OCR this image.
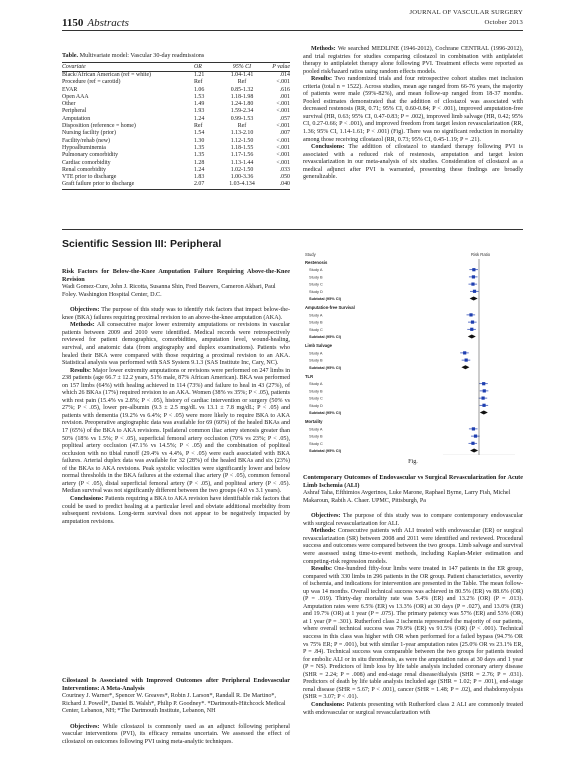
1150 Abstracts
JOURNAL OF VASCULAR SURGERY
October 2013
Table. Multivariate model: Vascular 30-day readmissions
Covariate	OR	95% CI	P value
Black/African American (ref = white)	1.21	1.04-1.41	.014
Procedure (ref = carotid)	Ref	Ref	<.001
EVAR	1.06	0.85-1.32	.616
Open AAA	1.53	1.18-1.98	.001
Other	1.49	1.24-1.80	<.001
Peripheral	1.93	1.59-2.34	<.001
Amputation	1.24	0.99-1.53	.057
Disposition (reference = home)	Ref	Ref	<.001
Nursing facility (prior)	1.54	1.13-2.10	.007
Facility/rehab (new)	1.30	1.12-1.50	<.001
Hypoalbuminemia	1.35	1.18-1.55	<.001
Pulmonary comorbidity	1.35	1.17-1.56	<.001
Cardiac comorbidity	1.28	1.13-1.44	<.001
Renal comorbidity	1.24	1.02-1.50	.033
VTE prior to discharge	1.83	1.00-3.36	.050
Graft failure prior to discharge	2.07	1.03-4.134	.040
Scientific Session III: Peripheral
Risk Factors for Below-the-Knee Amputation Failure Requiring Above-the-Knee Revision
Wadi Gomez-Cure, John J. Ricotta, Susanna Shin, Fred Beavers, Cameron Akbari, Paul Foley. Washington Hospital Center, D.C.

Objectives: The purpose of this study was to identify risk factors that impact below-the-knee (BKA) failures requiring proximal revision to an above-the-knee amputation (AKA).

Methods: All consecutive major lower extremity amputations or revisions in vascular patients between 2009 and 2010 were identified. Medical records were retrospectively reviewed for patient demographics, comorbidities, amputation level, wound-healing, survival, and anatomic data (from angiography and duplex examinations). Patients who healed their BKA were compared with those requiring a proximal revision to an AKA. Statistical analysis was performed with SAS System 9.1.3 (SAS Institute Inc, Cary, NC).

Results: Major lower extremity amputations or revisions were performed on 247 limbs in 238 patients (age 66.7 ± 12.2 years, 51% male, 87% African American). BKA was performed on 157 limbs (64%) with healing achieved in 114 (73%) and failure to heal in 43 (27%), of which 26 BKAs (17%) required revision to an AKA. Women (38% vs 35%; P < .05), patients with rest pain (15.4% vs 2.8%; P < .05), history of cardiac intervention or surgery (50% vs 27%; P < .05), lower pre-albumin (9.3 ± 2.5 mg/dL vs 13.1 ± 7.8 mg/dL; P < .05) and patients with dementia (19.2% vs 6.4%; P < .05) were more likely to require BKA to AKA revision. Preoperative angiographic data was available for 69 (60%) of the healed BKAs and 17 (65%) of the BKA to AKA revisions. Ipsilateral common iliac artery stenosis greater than 50% (18% vs 1.5%; P < .05), superficial femoral artery occlusion (70% vs 23%; P < .05), popliteal artery occlusion (47.1% vs 14.5%; P < .05) and the combination of popliteal occlusion with no tibial runoff (29.4% vs 4.4%, P < .05) were each associated with BKA failures. Arterial duplex data was available for 32 (28%) of the healed BKAs and six (23%) of the BKAs to AKA revisions. Peak systolic velocities were significantly lower and below normal thresholds in the BKA failures at the external iliac artery (P < .05), common femoral artery (P < .05), distal superficial femoral artery (P < .05), and popliteal artery (P < .05). Median survival was not significantly different between the two groups (4.0 vs 3.1 years).

Conclusions: Patients requiring a BKA to AKA revision have identifiable risk factors that could be used to predict healing at a particular level and obviate additional morbidity from subsequent revisions. Long-term survival does not appear to be negatively impacted by amputation revisions.

Cilostazol Is Associated with Improved Outcomes after Peripheral Endovascular Interventions: A Meta-Analysis
Courtney J. Warner*, Spencer W. Greaves*, Robin J. Larson*, Randall R. De Martino*, Richard J. Powell*, Daniel B. Walsh*, Philip P. Goodney*. *Dartmouth-Hitchcock Medical Center, Lebanon, NH; *The Dartmouth Institute, Lebanon, NH

Objectives: While cilostazol is commonly used as an adjunct following peripheral vascular interventions (PVI), its efficacy remains uncertain. We assessed the effect of cilostazol on outcomes following PVI using meta-analytic techniques.

Methods: We searched MEDLINE (1946-2012), Cochrane CENTRAL (1996-2012), and trial registries for studies comparing cilostazol in combination with antiplatelet therapy to antiplatelet therapy alone following PVI. Treatment effects were reported as pooled risk/hazard ratios using random effects models.

Results: Two randomized trials and four retrospective cohort studies met inclusion criteria (total n = 1522). Across studies, mean age ranged from 66-76 years, the majority of patients were male (59%-82%), and mean follow-up ranged from 18-37 months. Pooled estimates demonstrated that the addition of cilostazol was associated with decreased restenosis (RR, 0.71; 95% CI, 0.60-0.84; P < .001), improved amputation-free survival (HR, 0.63; 95% CI, 0.47-0.83; P = .002), improved limb salvage (HR, 0.42; 95% CI, 0.27-0.66; P < .001), and improved freedom from target lesion revascularization (RR, 1.36; 95% CI, 1.14-1.61; P < .001) (Fig). There was no significant reduction in mortality among those receiving cilostazol (RR, 0.73; 95% CI, 0.45-1.19; P = .21).

Conclusions: The addition of cilostazol to standard therapy following PVI is associated with a reduced risk of restenosis, amputation and target lesion revascularization in our meta-analysis of six studies. Consideration of cilostazol as a medical adjunct after PVI is warranted, presenting these findings are broadly generalizable.

Study	Risk Ratio
Restenosis
Study A
Study B
Study C
Study D
Subtotal (95% CI)
Amputation-free Survival
Study A
Study B
Study C
Subtotal (95% CI)
Limb Salvage
Study A
Study B
Subtotal (95% CI)
TLR
Study A
Study B
Study C
Study D
Subtotal (95% CI)
Mortality
Study A
Study B
Study C
Subtotal (95% CI)
Fig.
Contemporary Outcomes of Endovascular vs Surgical Revascularization for Acute Limb Ischemia (ALI)
Ashraf Taha, Efthimios Avgerinos, Luke Marone, Raphael Byrne, Larry Fish, Michel Makaroun, Rabih A. Chaer. UPMC, Pittsburgh, Pa

Objectives: The purpose of this study was to compare contemporary endovascular with surgical revascularization for ALI.

Methods: Consecutive patients with ALI treated with endovascular (ER) or surgical revascularization (SR) between 2008 and 2011 were identified and reviewed. Procedural success and outcomes were compared between the two groups. Limb salvage and survival were assessed using time-to-event methods, including Kaplan-Meier estimation and competing-risk regression models.

Results: One-hundred fifty-four limbs were treated in 147 patients in the ER group, compared with 330 limbs in 296 patients in the OR group. Patient characteristics, severity of ischemia, and indications for intervention are presented in the Table. The mean follow-up was 14 months. Overall technical success was achieved in 80.5% (ER) vs 88.6% (OR) (P = .019). Thirty-day mortality rate was 5.4% (ER) and 13.2% (OR) (P = .013). Amputation rates were 6.5% (ER) vs 13.3% (OR) at 30 days (P = .027), and 13.0% (ER) and 19.7% (OR) at 1 year (P = .075). The primary patency was 57% (ER) and 53% (OR) at 1 year (P = .301). Rutherford class 2 ischemia represented the majority of our patients, where overall technical success was 79.9% (ER) vs 91.5% (OR) (P < .001). Technical success in this class was higher with OR when performed for a failed bypass (94.7% OR vs 75% ER; P = .001), but with similar 1-year amputation rates (25.0% OR vs 23.1% ER, P = .84). Technical success was comparable between the two groups for patients treated for embolic ALI or in situ thrombosis, as were the amputation rates at 30 days and 1 year (P = NS). Predictors of limb loss by life table analysis included coronary artery disease (SHR = 2.24; P = .008) and end-stage renal disease/dialysis (SHR = 2.76; P = .031). Predictors of death by life table analysis included age (SHR = 1.02; P = .001), end-stage renal disease (SHR = 5.67; P < .001), cancer (SHR = 1.48; P = .02), and rhabdomyolysis (SHR = 3.07; P < .01).

Conclusions: Patients presenting with Rutherford class 2 ALI are commonly treated with endovascular or surgical revascularization with
